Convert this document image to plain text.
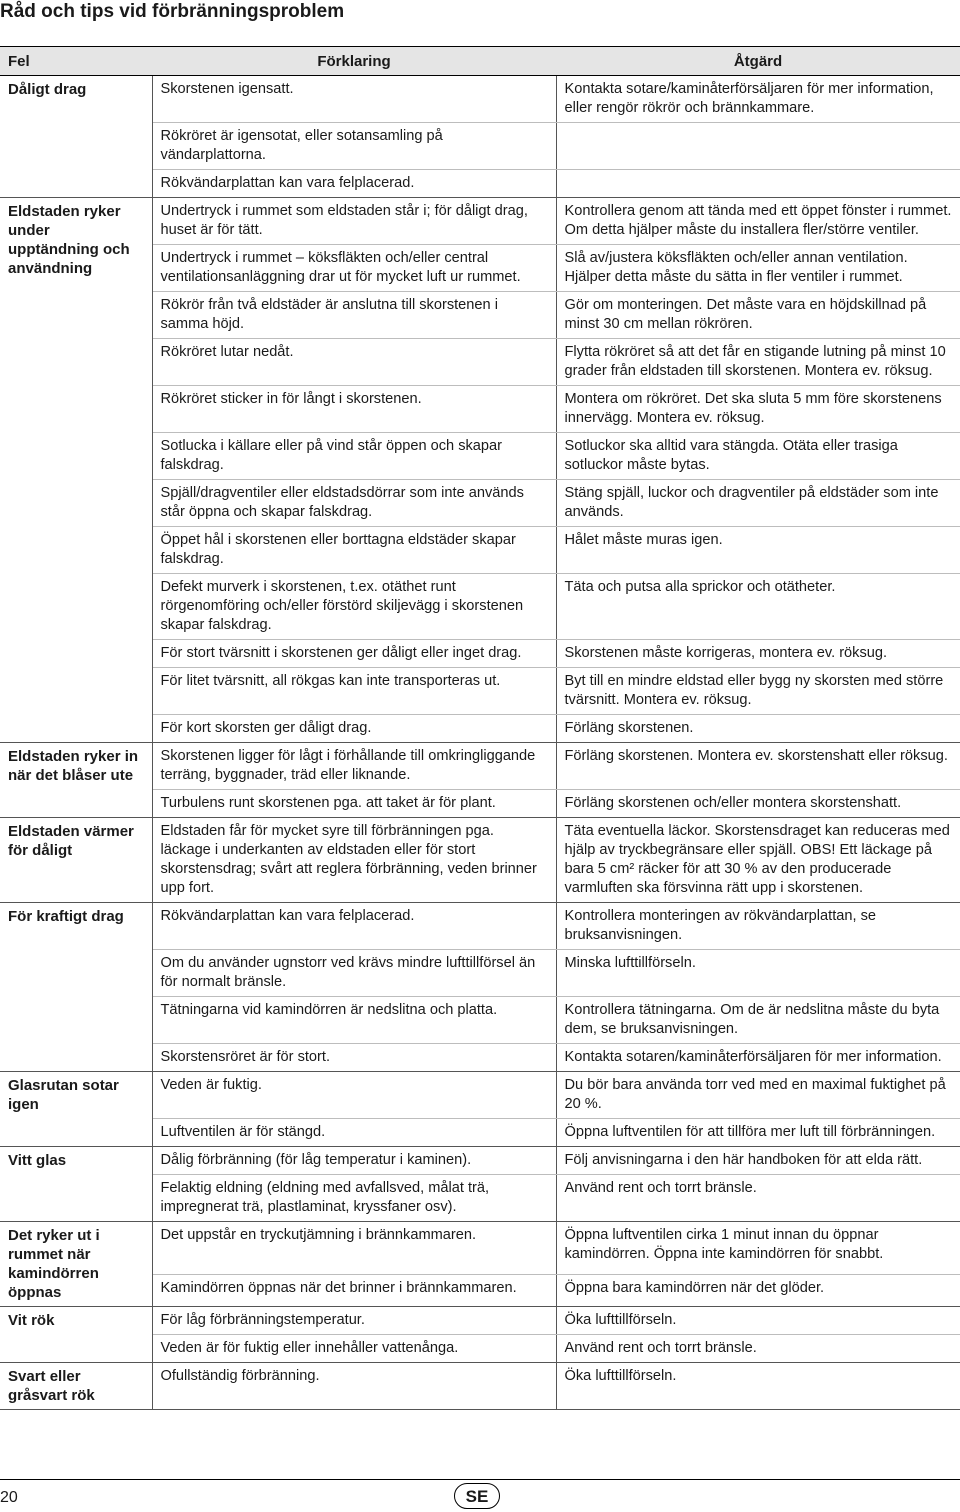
Råd och tips vid förbränningsproblem
Fel	Förklaring	Åtgärd
Dåligt drag	Skorstenen igensatt.	Kontakta sotare/kaminåterförsäljaren för mer information, eller rengör rökrör och brännkammare.
	Rökröret är igensotat, eller sotansamling på vändarplattorna.	
	Rökvändarplattan kan vara felplacerad.	
Eldstaden ryker under upptändning och användning	Undertryck i rummet som eldstaden står i; för dåligt drag, huset är för tätt.	Kontrollera genom att tända med ett öppet fönster i rummet. Om detta hjälper måste du installera fler/större ventiler.
	Undertryck i rummet – köksfläkten och/eller central ventilationsanläggning drar ut för mycket luft ur rummet.	Slå av/justera köksfläkten och/eller annan ventilation. Hjälper detta måste du sätta in fler ventiler i rummet.
	Rökrör från två eldstäder är anslutna till skorstenen i samma höjd.	Gör om monteringen. Det måste vara en höjdskillnad på minst 30 cm mellan rökrören.
	Rökröret lutar nedåt.	Flytta rökröret så att det får en stigande lutning på minst 10 grader från eldstaden till skorstenen. Montera ev. röksug.
	Rökröret sticker in för långt i skorstenen.	Montera om rökröret. Det ska sluta 5 mm före skorstenens innervägg. Montera ev. röksug.
	Sotlucka i källare eller på vind står öppen och skapar falskdrag.	Sotluckor ska alltid vara stängda. Otäta eller trasiga sotluckor måste bytas.
	Spjäll/dragventiler eller eldstadsdörrar som inte används står öppna och skapar falskdrag.	Stäng spjäll, luckor och dragventiler på eldstäder som inte används.
	Öppet hål i skorstenen eller borttagna eldstäder skapar falskdrag.	Hålet måste muras igen.
	Defekt murverk i skorstenen, t.ex. otäthet runt rörgenomföring och/eller förstörd skiljevägg i skorstenen skapar falskdrag.	Täta och putsa alla sprickor och otätheter.
	För stort tvärsnitt i skorstenen ger dåligt eller inget drag.	Skorstenen måste korrigeras, montera ev. röksug.
	För litet tvärsnitt, all rökgas kan inte transporteras ut.	Byt till en mindre eldstad eller bygg ny skorsten med större tvärsnitt. Montera ev. röksug.
	För kort skorsten ger dåligt drag.	Förläng skorstenen.
Eldstaden ryker in när det blåser ute	Skorstenen ligger för lågt i förhållande till omkringliggande terräng, byggnader, träd eller liknande.	Förläng skorstenen. Montera ev. skorstenshatt eller röksug.
	Turbulens runt skorstenen pga. att taket är för plant.	Förläng skorstenen och/eller montera skorstenshatt.
Eldstaden värmer för dåligt	Eldstaden får för mycket syre till förbränningen pga. läckage i underkanten av eldstaden eller för stort skorstensdrag; svårt att reglera förbränning, veden brinner upp fort.	Täta eventuella läckor. Skorstensdraget kan reduceras med hjälp av tryckbegränsare eller spjäll. OBS! Ett läckage på bara 5 cm² räcker för att 30 % av den producerade varmluften ska försvinna rätt upp i skorstenen.
För kraftigt drag	Rökvändarplattan kan vara felplacerad.	Kontrollera monteringen av rökvändarplattan, se bruksanvisningen.
	Om du använder ugnstorr ved krävs mindre lufttillförsel än för normalt bränsle.	Minska lufttillförseln.
	Tätningarna vid kamindörren är nedslitna och platta.	Kontrollera tätningarna. Om de är nedslitna måste du byta dem, se bruksanvisningen.
	Skorstensröret är för stort.	Kontakta sotaren/kaminåterförsäljaren för mer information.
Glasrutan sotar igen	Veden är fuktig.	Du bör bara använda torr ved med en maximal fuktighet på 20 %.
	Luftventilen är för stängd.	Öppna luftventilen för att tillföra mer luft till förbränningen.
Vitt glas	Dålig förbränning (för låg temperatur i kaminen).	Följ anvisningarna i den här handboken för att elda rätt.
	Felaktig eldning (eldning med avfallsved, målat trä, impregnerat trä, plastlaminat, kryssfaner osv).	Använd rent och torrt bränsle.
Det ryker ut i rummet när kamindörren öppnas	Det uppstår en tryckutjämning i brännkammaren.	Öppna luftventilen cirka 1 minut innan du öppnar kamindörren. Öppna inte kamindörren för snabbt.
	Kamindörren öppnas när det brinner i brännkammaren.	Öppna bara kamindörren när det glöder.
Vit rök	För låg förbränningstemperatur.	Öka lufttillförseln.
	Veden är för fuktig eller innehåller vattenånga.	Använd rent och torrt bränsle.
Svart eller gråsvart rök	Ofullständig förbränning.	Öka lufttillförseln.
20	SE
